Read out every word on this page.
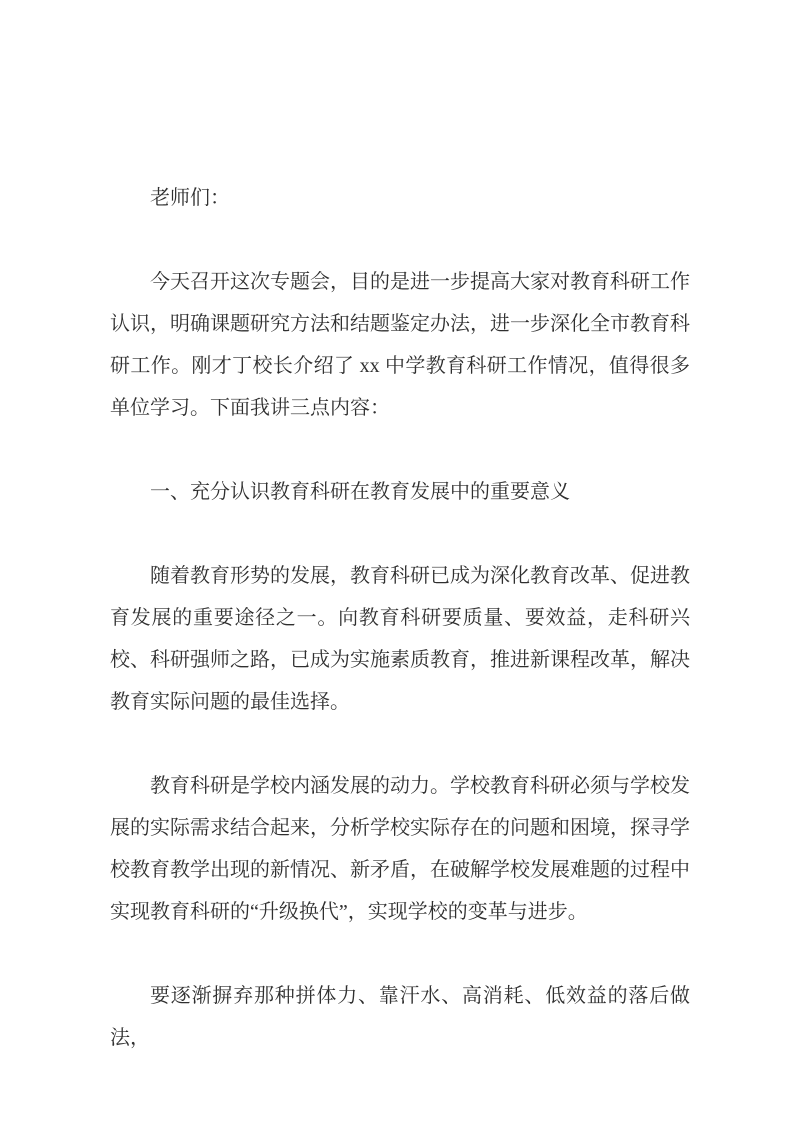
老师们：

今天召开这次专题会，目的是进一步提高大家对教育科研工作认识，明确课题研究方法和结题鉴定办法，进一步深化全市教育科研工作。刚才丁校长介绍了 xx 中学教育科研工作情况，值得很多单位学习。下面我讲三点内容：

一、充分认识教育科研在教育发展中的重要意义

随着教育形势的发展，教育科研已成为深化教育改革、促进教育发展的重要途径之一。向教育科研要质量、要效益，走科研兴校、科研强师之路，已成为实施素质教育，推进新课程改革，解决教育实际问题的最佳选择。

教育科研是学校内涵发展的动力。学校教育科研必须与学校发展的实际需求结合起来，分析学校实际存在的问题和困境，探寻学校教育教学出现的新情况、新矛盾，在破解学校发展难题的过程中实现教育科研的“升级换代”，实现学校的变革与进步。

要逐渐摒弃那种拼体力、靠汗水、高消耗、低效益的落后做法，
